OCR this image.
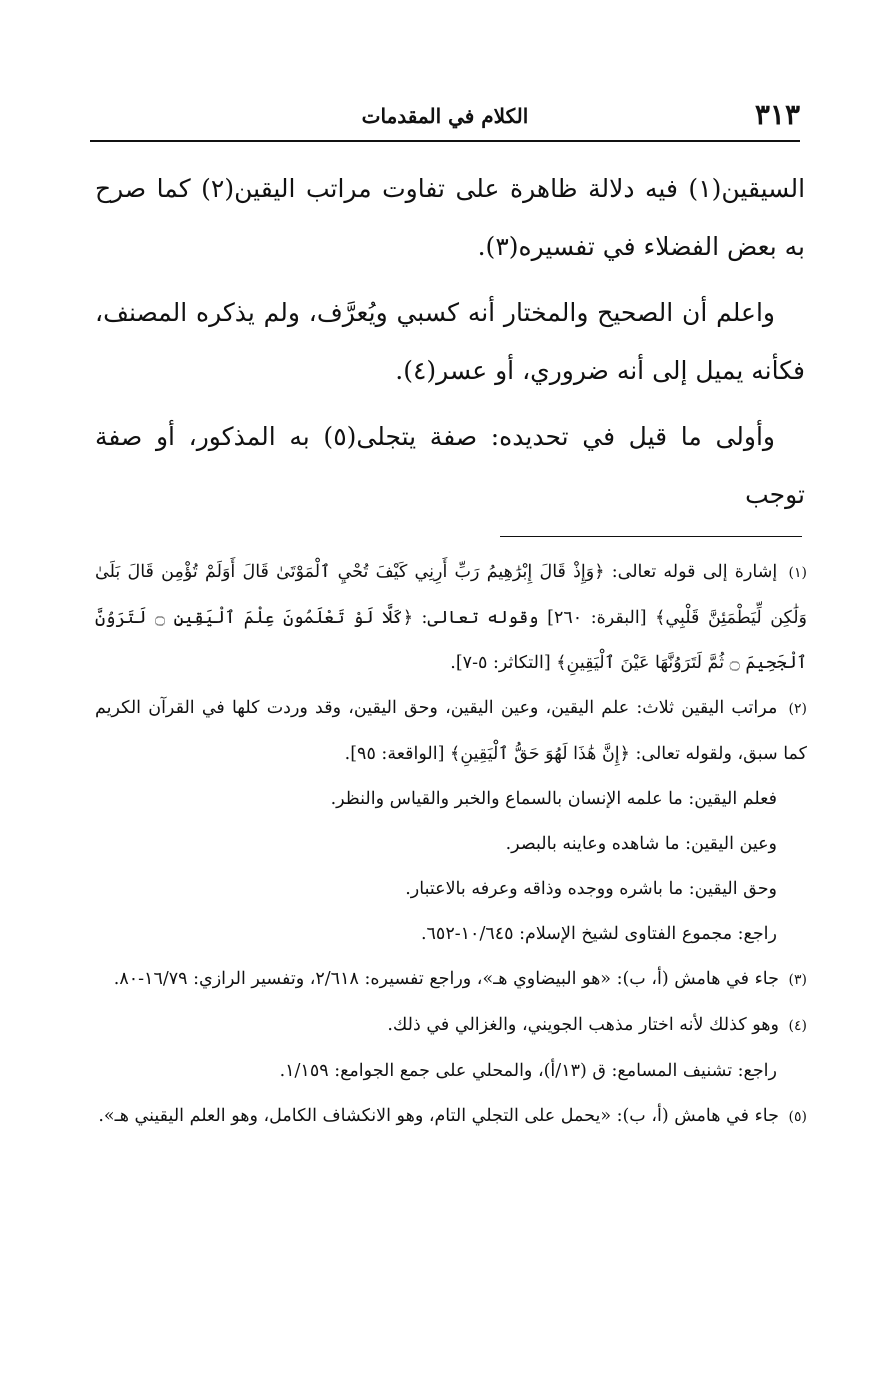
٣١٣
الكلام في المقدمات

السيقين(١) فيه دلالة ظاهرة على تفاوت مراتب اليقين(٢) كما صرح به بعض الفضلاء في تفسيره(٣).

واعلم أن الصحيح والمختار أنه كسبي ويُعرَّف، ولم يذكره المصنف، فكأنه يميل إلى أنه ضروري، أو عسر(٤).

وأولى ما قيل في تحديده: صفة يتجلى(٥) به المذكور، أو صفة توجب

(١) إشارة إلى قوله تعالى: ﴿وَإِذْ قَالَ إِبْرَٰهِيمُ رَبِّ أَرِنِي كَيْفَ تُحْيِ ٱلْمَوْتَىٰ قَالَ أَوَلَمْ تُؤْمِن قَالَ بَلَىٰ وَلَٰكِن لِّيَطْمَئِنَّ قَلْبِي﴾ [البقرة: ٢٦٠] وقوله تعالى: ﴿كَلَّا لَوْ تَعْلَمُونَ عِلْمَ ٱلْيَقِينِ ۝ لَتَرَوُنَّ ٱلْجَحِيمَ ۝ ثُمَّ لَتَرَوُنَّهَا عَيْنَ ٱلْيَقِينِ﴾ [التكاثر: ٥-٧].
(٢) مراتب اليقين ثلاث: علم اليقين، وعين اليقين، وحق اليقين، وقد وردت كلها في القرآن الكريم كما سبق، ولقوله تعالى: ﴿إِنَّ هَٰذَا لَهُوَ حَقُّ ٱلْيَقِينِ﴾ [الواقعة: ٩٥].
فعلم اليقين: ما علمه الإنسان بالسماع والخبر والقياس والنظر.
وعين اليقين: ما شاهده وعاينه بالبصر.
وحق اليقين: ما باشره ووجده وذاقه وعرفه بالاعتبار.
راجع: مجموع الفتاوى لشيخ الإسلام: ١٠/٦٤٥-٦٥٢.
(٣) جاء في هامش (أ، ب): «هو البيضاوي هـ»، وراجع تفسيره: ٢/٦١٨، وتفسير الرازي: ١٦/٧٩-٨٠.
(٤) وهو كذلك لأنه اختار مذهب الجويني، والغزالي في ذلك.
راجع: تشنيف المسامع: ق (١٣/أ)، والمحلي على جمع الجوامع: ١/١٥٩.
(٥) جاء في هامش (أ، ب): «يحمل على التجلي التام، وهو الانكشاف الكامل، وهو العلم اليقيني هـ».
